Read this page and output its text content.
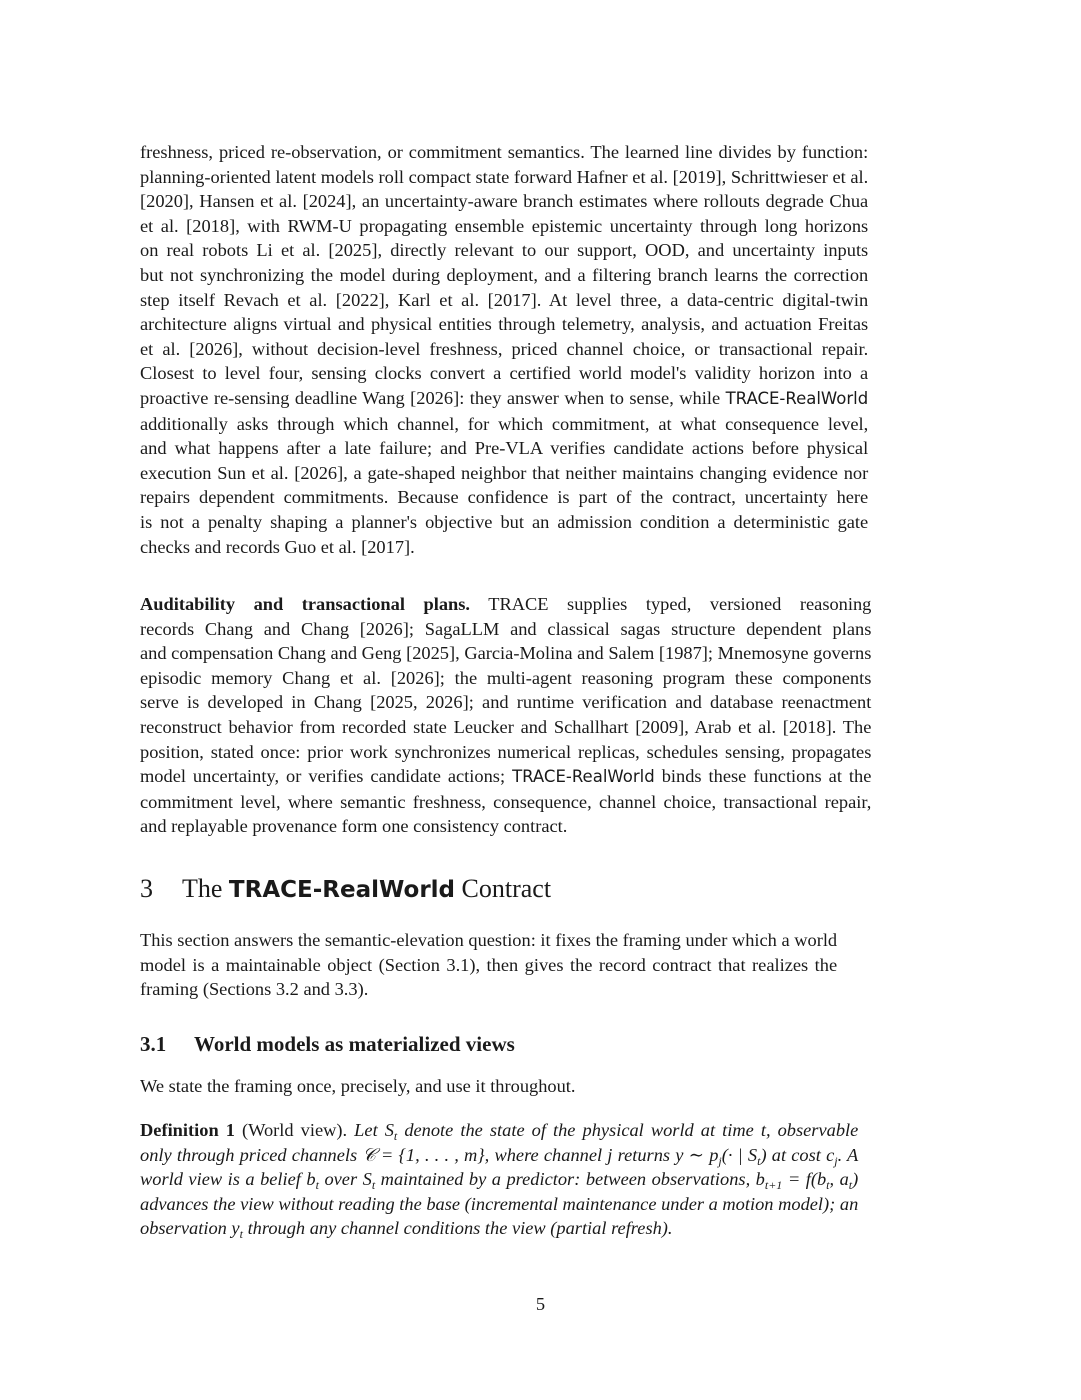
freshness, priced re-observation, or commitment semantics. The learned line divides by function:
planning-oriented latent models roll compact state forward Hafner et al. [2019], Schrittwieser et al.
[2020], Hansen et al. [2024], an uncertainty-aware branch estimates where rollouts degrade Chua
et al. [2018], with RWM-U propagating ensemble epistemic uncertainty through long horizons
on real robots Li et al. [2025], directly relevant to our support, OOD, and uncertainty inputs
but not synchronizing the model during deployment, and a filtering branch learns the correction
step itself Revach et al. [2022], Karl et al. [2017]. At level three, a data-centric digital-twin
architecture aligns virtual and physical entities through telemetry, analysis, and actuation Freitas
et al. [2026], without decision-level freshness, priced channel choice, or transactional repair.
Closest to level four, sensing clocks convert a certified world model's validity horizon into a
proactive re-sensing deadline Wang [2026]: they answer when to sense, while TRACE-RealWorld
additionally asks through which channel, for which commitment, at what consequence level,
and what happens after a late failure; and Pre-VLA verifies candidate actions before physical
execution Sun et al. [2026], a gate-shaped neighbor that neither maintains changing evidence nor
repairs dependent commitments. Because confidence is part of the contract, uncertainty here
is not a penalty shaping a planner's objective but an admission condition a deterministic gate
checks and records Guo et al. [2017].
Auditability and transactional plans. TRACE supplies typed, versioned reasoning
records Chang and Chang [2026]; SagaLLM and classical sagas structure dependent plans
and compensation Chang and Geng [2025], Garcia-Molina and Salem [1987]; Mnemosyne governs
episodic memory Chang et al. [2026]; the multi-agent reasoning program these components
serve is developed in Chang [2025, 2026]; and runtime verification and database reenactment
reconstruct behavior from recorded state Leucker and Schallhart [2009], Arab et al. [2018]. The
position, stated once: prior work synchronizes numerical replicas, schedules sensing, propagates
model uncertainty, or verifies candidate actions; TRACE-RealWorld binds these functions at the
commitment level, where semantic freshness, consequence, channel choice, transactional repair,
and replayable provenance form one consistency contract.
This section answers the semantic-elevation question: it fixes the framing under which a world
model is a maintainable object (Section 3.1), then gives the record contract that realizes the
framing (Sections 3.2 and 3.3).
We state the framing once, precisely, and use it throughout.
Definition 1 (World view). Let $S_t$ denote the state of the physical world at time t, observable
only through priced channels 𝒞 = {1, . . . , m}, where channel j returns y ∼ $p_j(\cdot$ | $S_t$) at cost $c_j$. A
world view is a belief $b_t$ over $S_t$ maintained by a predictor: between observations, $b_{t+1} = f(b_t$, $a_t$)
advances the view without reading the base (incremental maintenance under a motion model); an
observation $y_t$ through any channel conditions the view (partial refresh).
3 The TRACE-RealWorld Contract
3.1 World models as materialized views
5
